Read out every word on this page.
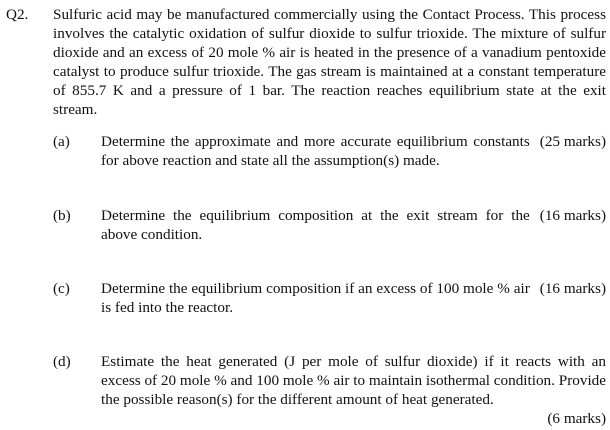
Q2. Sulfuric acid may be manufactured commercially using the Contact Process. This process involves the catalytic oxidation of sulfur dioxide to sulfur trioxide. The mixture of sulfur dioxide and an excess of 20 mole % air is heated in the presence of a vanadium pentoxide catalyst to produce sulfur trioxide. The gas stream is maintained at a constant temperature of 855.7 K and a pressure of 1 bar. The reaction reaches equilibrium state at the exit stream.
(a)	(25 marks)
Determine the approximate and more accurate equilibrium constants for above reaction and state all the assumption(s) made.
(b)	(16 marks)
Determine the equilibrium composition at the exit stream for the above condition.
(c)	(16 marks)
Determine the equilibrium composition if an excess of 100 mole % air is fed into the reactor.
(d) Estimate the heat generated (J per mole of sulfur dioxide) if it reacts with an excess of 20 mole % and 100 mole % air to maintain isothermal condition. Provide the possible reason(s) for the different amount of heat generated.
(6 marks)
